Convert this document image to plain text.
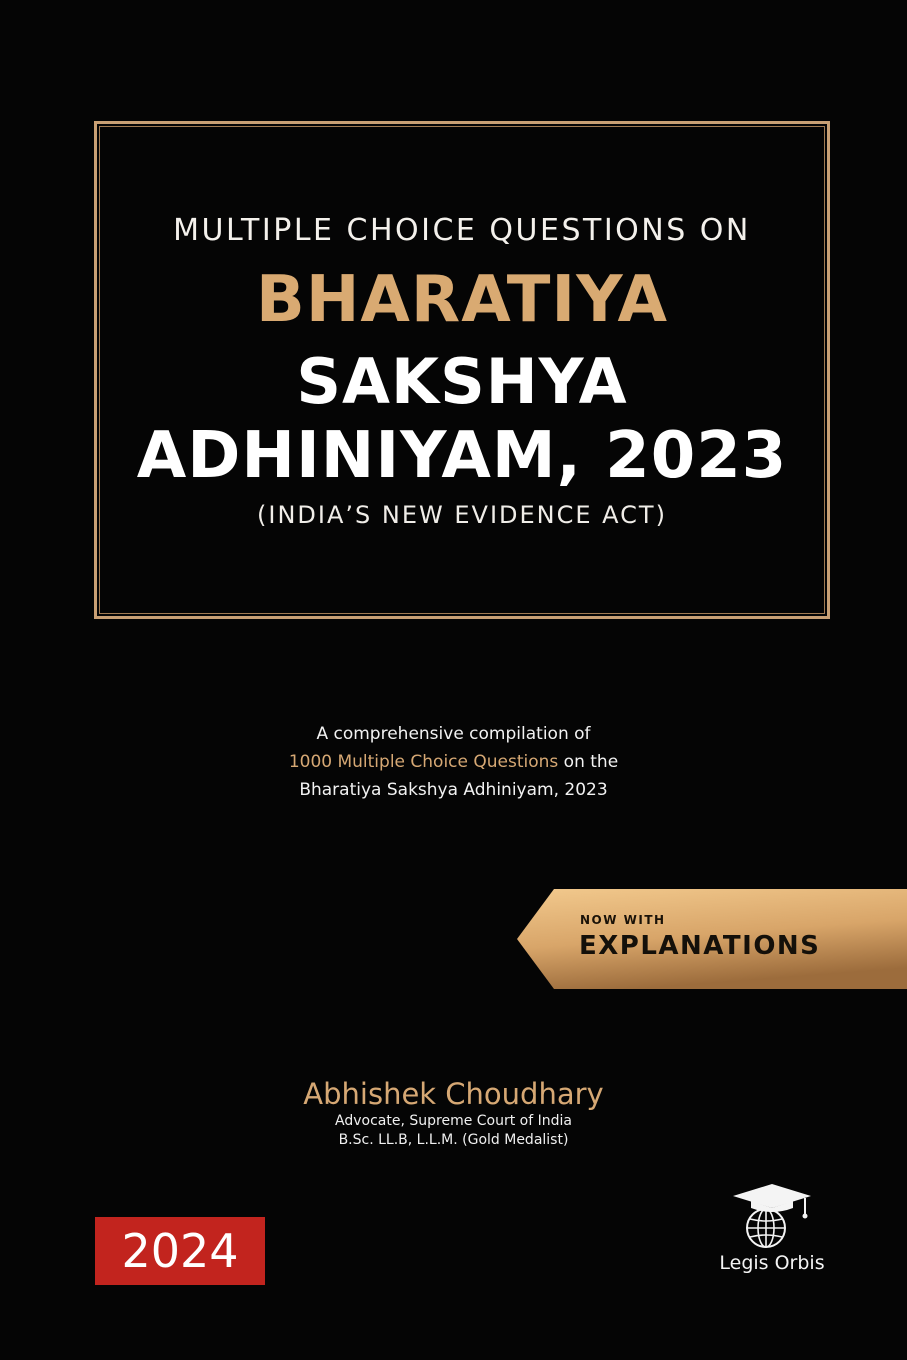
MULTIPLE CHOICE QUESTIONS ON
BHARATIYA
SAKSHYA
ADHINIYAM, 2023
(INDIA’S NEW EVIDENCE ACT)
A comprehensive compilation of
1000 Multiple Choice Questions on the
Bharatiya Sakshya Adhiniyam, 2023
NOW WITH
EXPLANATIONS
Abhishek Choudhary
Advocate, Supreme Court of India
B.Sc. LL.B, L.L.M. (Gold Medalist)
2024	Legis Orbis
